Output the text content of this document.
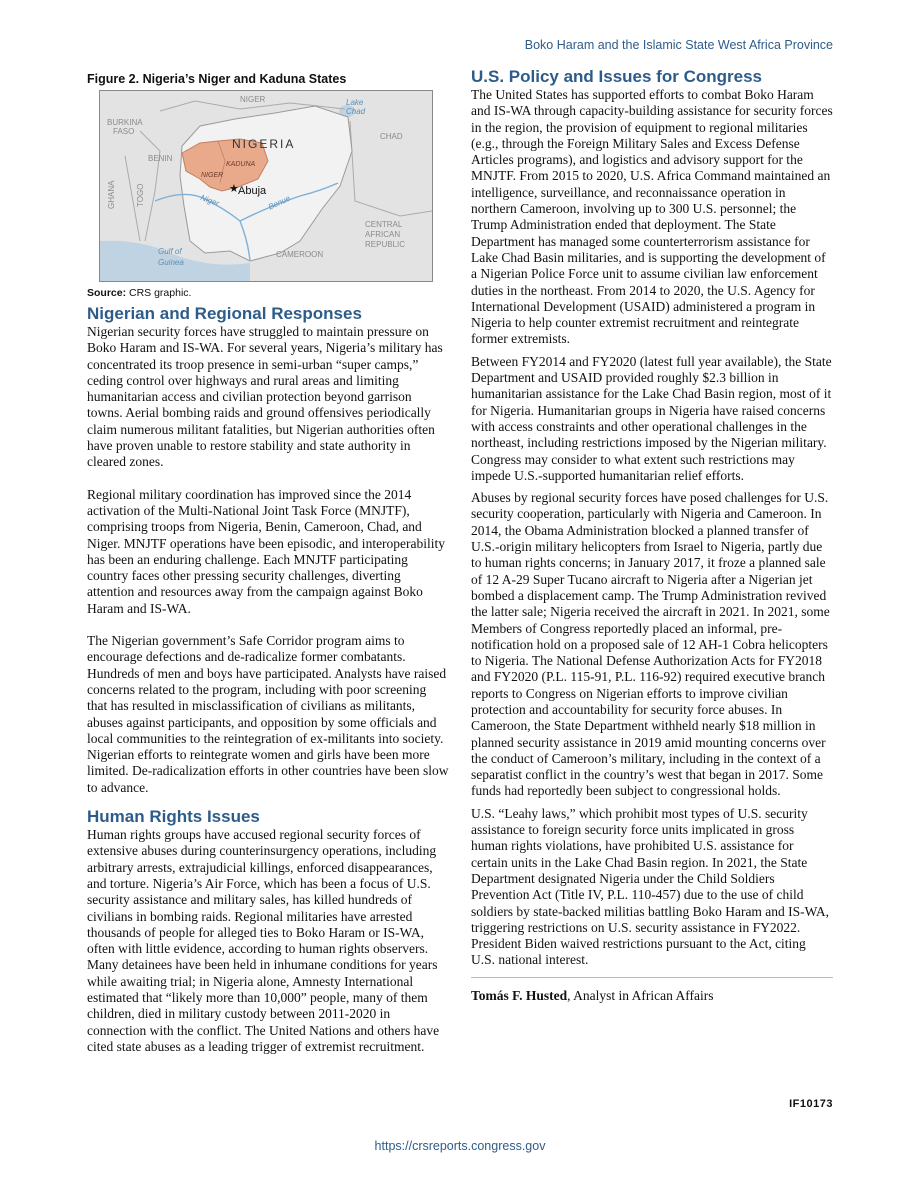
Boko Haram and the Islamic State West Africa Province
Figure 2. Nigeria’s Niger and Kaduna States
NIGER	Lake
Chad
BURKINA
FASO
NIGERIA
CHAD
BENIN
KADUNA
NIGER
★ Abuja
GHANA	TOGO	Niger	Benue
CENTRAL
AFRICAN
REPUBLIC
Gulf of
Guinea
CAMEROON
Source: CRS graphic.
Nigerian and Regional Responses

Nigerian security forces have struggled to maintain pressure on Boko Haram and IS-WA. For several years, Nigeria’s military has concentrated its troop presence in semi-urban “super camps,” ceding control over highways and rural areas and limiting humanitarian access and civilian protection beyond garrison towns. Aerial bombing raids and ground offensives periodically claim numerous militant fatalities, but Nigerian authorities often have proven unable to restore stability and state authority in cleared zones.

Regional military coordination has improved since the 2014 activation of the Multi-National Joint Task Force (MNJTF), comprising troops from Nigeria, Benin, Cameroon, Chad, and Niger. MNJTF operations have been episodic, and interoperability has been an enduring challenge. Each MNJTF participating country faces other pressing security challenges, diverting attention and resources away from the campaign against Boko Haram and IS-WA.

The Nigerian government’s Safe Corridor program aims to encourage defections and de-radicalize former combatants. Hundreds of men and boys have participated. Analysts have raised concerns related to the program, including with poor screening that has resulted in misclassification of civilians as militants, abuses against participants, and opposition by some officials and local communities to the reintegration of ex-militants into society. Nigerian efforts to reintegrate women and girls have been more limited. De-radicalization efforts in other countries have been slow to advance.

Human Rights Issues

Human rights groups have accused regional security forces of extensive abuses during counterinsurgency operations, including arbitrary arrests, extrajudicial killings, enforced disappearances, and torture. Nigeria’s Air Force, which has been a focus of U.S. security assistance and military sales, has killed hundreds of civilians in bombing raids. Regional militaries have arrested thousands of people for alleged ties to Boko Haram or IS-WA, often with little evidence, according to human rights observers. Many detainees have been held in inhumane conditions for years while awaiting trial; in Nigeria alone, Amnesty International estimated that “likely more than 10,000” people, many of them children, died in military custody between 2011-2020 in connection with the conflict. The United Nations and others have cited state abuses as a leading trigger of extremist recruitment.

U.S. Policy and Issues for Congress

The United States has supported efforts to combat Boko Haram and IS-WA through capacity-building assistance for security forces in the region, the provision of equipment to regional militaries (e.g., through the Foreign Military Sales and Excess Defense Articles programs), and logistics and advisory support for the MNJTF. From 2015 to 2020, U.S. Africa Command maintained an intelligence, surveillance, and reconnaissance operation in northern Cameroon, involving up to 300 U.S. personnel; the Trump Administration ended that deployment. The State Department has managed some counterterrorism assistance for Lake Chad Basin militaries, and is supporting the development of a Nigerian Police Force unit to assume civilian law enforcement duties in the northeast. From 2014 to 2020, the U.S. Agency for International Development (USAID) administered a program in Nigeria to help counter extremist recruitment and reintegrate former extremists.

Between FY2014 and FY2020 (latest full year available), the State Department and USAID provided roughly $2.3 billion in humanitarian assistance for the Lake Chad Basin region, most of it for Nigeria. Humanitarian groups in Nigeria have raised concerns with access constraints and other operational challenges in the northeast, including restrictions imposed by the Nigerian military. Congress may consider to what extent such restrictions may impede U.S.-supported humanitarian relief efforts.

Abuses by regional security forces have posed challenges for U.S. security cooperation, particularly with Nigeria and Cameroon. In 2014, the Obama Administration blocked a planned transfer of U.S.-origin military helicopters from Israel to Nigeria, partly due to human rights concerns; in January 2017, it froze a planned sale of 12 A-29 Super Tucano aircraft to Nigeria after a Nigerian jet bombed a displacement camp. The Trump Administration revived the latter sale; Nigeria received the aircraft in 2021. In 2021, some Members of Congress reportedly placed an informal, pre-notification hold on a proposed sale of 12 AH-1 Cobra helicopters to Nigeria. The National Defense Authorization Acts for FY2018 and FY2020 (P.L. 115-91, P.L. 116-92) required executive branch reports to Congress on Nigerian efforts to improve civilian protection and accountability for security force abuses. In Cameroon, the State Department withheld nearly $18 million in planned security assistance in 2019 amid mounting concerns over the conduct of Cameroon’s military, including in the context of a separatist conflict in the country’s west that began in 2017. Some funds had reportedly been subject to congressional holds.

U.S. “Leahy laws,” which prohibit most types of U.S. security assistance to foreign security force units implicated in gross human rights violations, have prohibited U.S. assistance for certain units in the Lake Chad Basin region. In 2021, the State Department designated Nigeria under the Child Soldiers Prevention Act (Title IV, P.L. 110-457) due to the use of child soldiers by state-backed militias battling Boko Haram and IS-WA, triggering restrictions on U.S. security assistance in FY2022. President Biden waived restrictions pursuant to the Act, citing U.S. national interest.

Tomás F. Husted, Analyst in African Affairs
IF10173
https://crsreports.congress.gov
